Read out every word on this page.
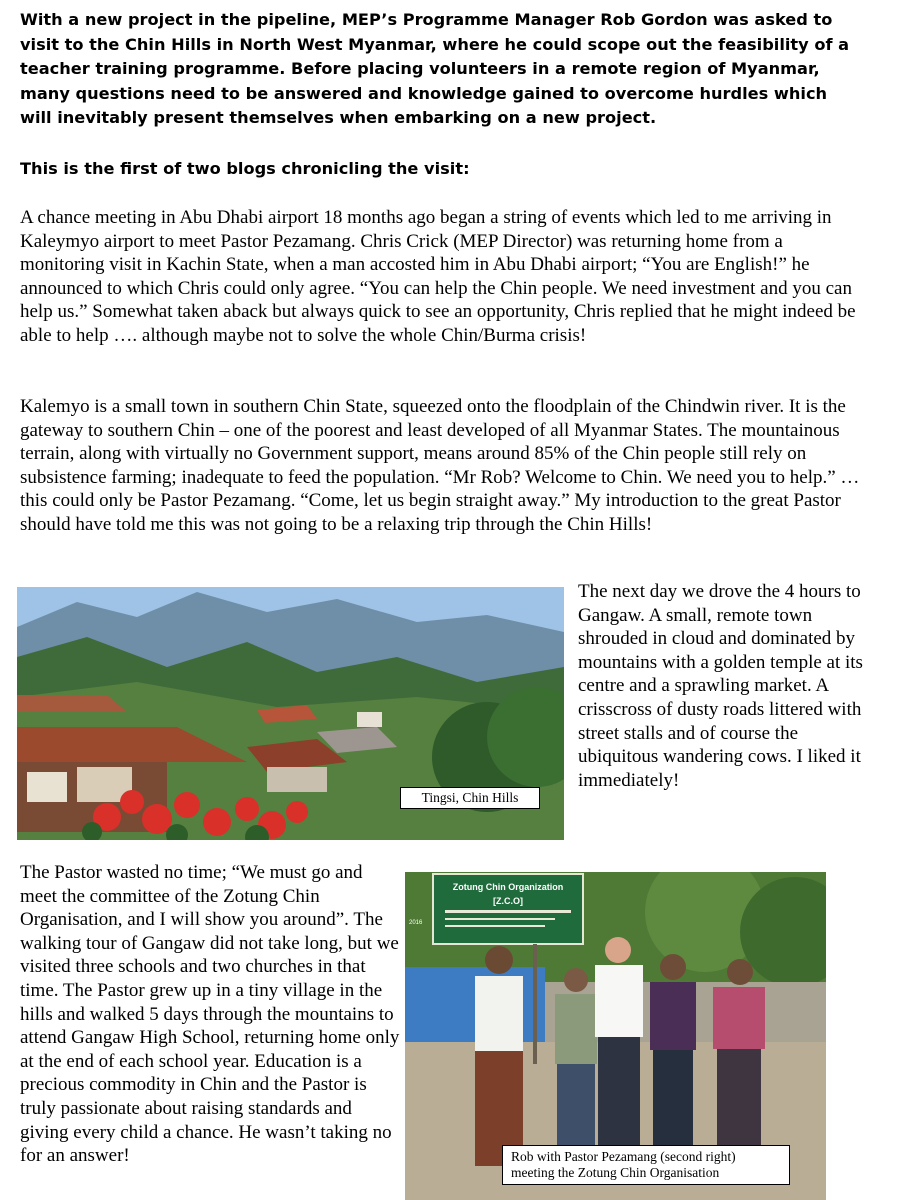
With a new project in the pipeline, MEP’s Programme Manager Rob Gordon was asked to visit to the Chin Hills in North West Myanmar, where he could scope out the feasibility of a teacher training programme. Before placing volunteers in a remote region of Myanmar, many questions need to be answered and knowledge gained to overcome hurdles which will inevitably present themselves when embarking on a new project.

This is the first of two blogs chronicling the visit:

A chance meeting in Abu Dhabi airport 18 months ago began a string of events which led to me arriving in Kaleymyo airport to meet Pastor Pezamang. Chris Crick (MEP Director) was returning home from a monitoring visit in Kachin State, when a man accosted him in Abu Dhabi airport; “You are English!” he announced to which Chris could only agree. “You can help the Chin people. We need investment and you can help us.” Somewhat taken aback but always quick to see an opportunity, Chris replied that he might indeed be able to help …. although maybe not to solve the whole Chin/Burma crisis!

Kalemyo is a small town in southern Chin State, squeezed onto the floodplain of the Chindwin river. It is the gateway to southern Chin – one of the poorest and least developed of all Myanmar States. The mountainous terrain, along with virtually no Government support, means around 85% of the Chin people still rely on subsistence farming; inadequate to feed the population. “Mr Rob? Welcome to Chin. We need you to help.” … this could only be Pastor Pezamang. “Come, let us begin straight away.” My introduction to the great Pastor should have told me this was not going to be a relaxing trip through the Chin Hills!

Tingsi, Chin Hills

The next day we drove the 4 hours to Gangaw. A small, remote town shrouded in cloud and dominated by mountains with a golden temple at its centre and a sprawling market. A crisscross of dusty roads littered with street stalls and of course the ubiquitous wandering cows. I liked it immediately!

The Pastor wasted no time; “We must go and meet the committee of the Zotung Chin Organisation, and I will show you around”. The walking tour of Gangaw did not take long, but we visited three schools and two churches in that time. The Pastor grew up in a tiny village in the hills and walked 5 days through the mountains to attend Gangaw High School, returning home only at the end of each school year. Education is a precious commodity in Chin and the Pastor is truly passionate about raising standards and giving every child a chance. He wasn’t taking no for an answer!

Zotung Chin Organization
[Z.C.O]
2016
Rob with Pastor Pezamang (second right) meeting the Zotung Chin Organisation
